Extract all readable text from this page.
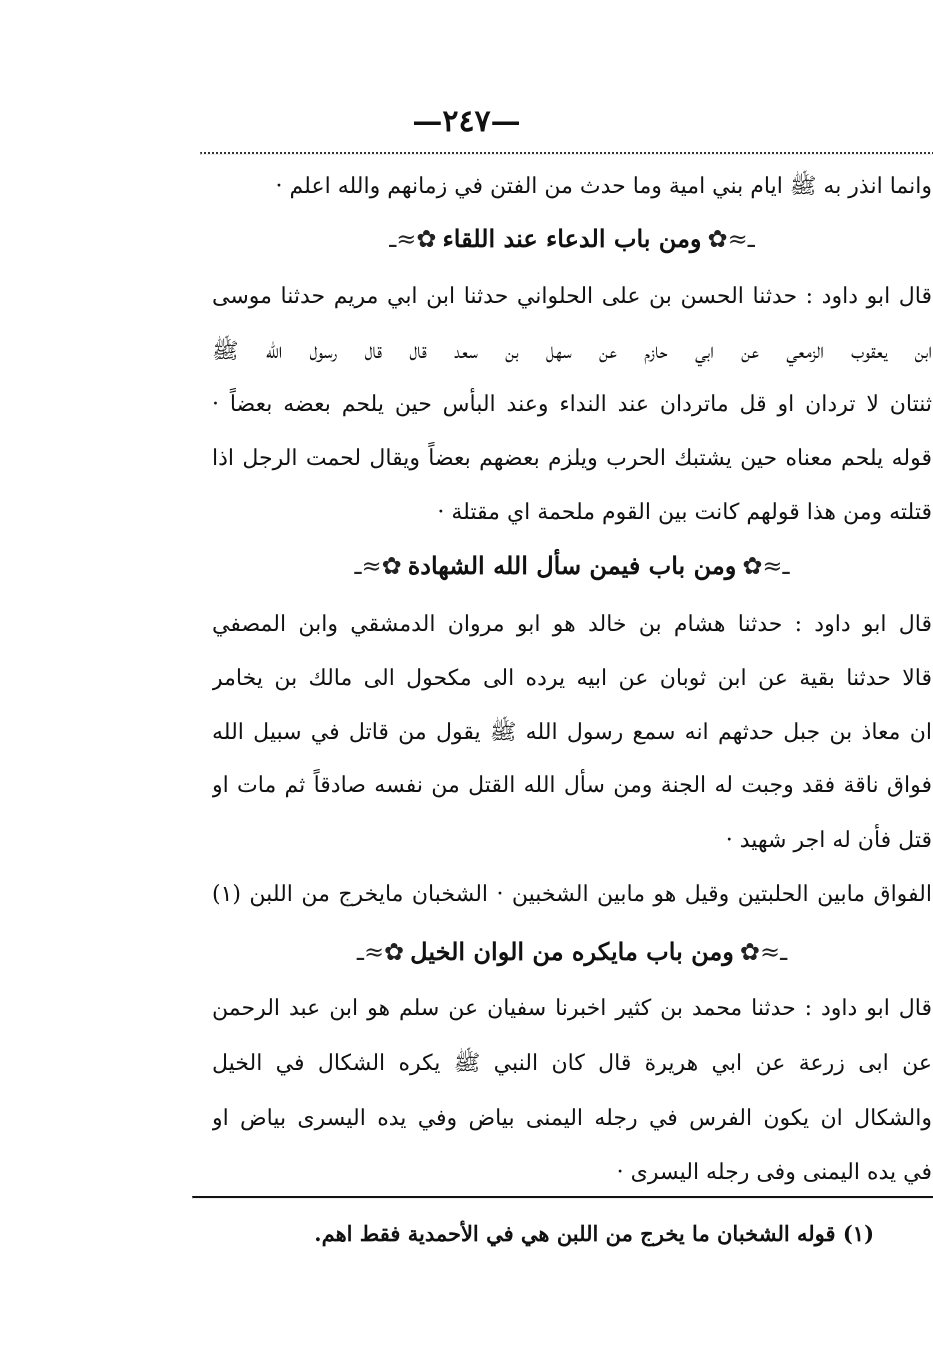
—٢٤٧—
وانما انذر به ﷺ ايام بني امية وما حدث من الفتن في زمانهم والله اعلم ·
ـ≈✿ومن باب الدعاء عند اللقاء✿≈ـ
قال ابو داود : حدثنا الحسن بن على الحلواني حدثنا ابن ابي مريم حدثنا موسى
ابن يعقوب الزمعي عن ابي حازم عن سهل بن سعد قال قال رسول الله ﷺ
ثنتان لا تردان او قل ماتردان عند النداء وعند البأس حين يلحم بعضه بعضاً ·
قوله يلحم معناه حين يشتبك الحرب ويلزم بعضهم بعضاً ويقال لحمت الرجل اذا
قتلته ومن هذا قولهم كانت بين القوم ملحمة اي مقتلة ·
ـ≈✿ومن باب فيمن سأل الله الشهادة✿≈ـ
قال ابو داود : حدثنا هشام بن خالد هو ابو مروان الدمشقي وابن المصفي
قالا حدثنا بقية عن ابن ثوبان عن ابيه يرده الى مكحول الى مالك بن يخامر
ان معاذ بن جبل حدثهم انه سمع رسول الله ﷺ يقول من قاتل في سبيل الله
فواق ناقة فقد وجبت له الجنة ومن سأل الله القتل من نفسه صادقاً ثم مات او
قتل فأن له اجر شهيد ·
الفواق مابين الحلبتين وقيل هو مابين الشخبين · الشخبان مايخرج من اللبن (١)
ـ≈✿ومن باب مايكره من الوان الخيل✿≈ـ
قال ابو داود : حدثنا محمد بن كثير اخبرنا سفيان عن سلم هو ابن عبد الرحمن
عن ابى زرعة عن ابي هريرة قال كان النبي ﷺ يكره الشكال في الخيل
والشكال ان يكون الفرس في رجله اليمنى بياض وفي يده اليسرى بياض او
في يده اليمنى وفى رجله اليسرى ·
(١) قوله الشخبان ما يخرج من اللبن هي في الأحمدية فقط اهم.
